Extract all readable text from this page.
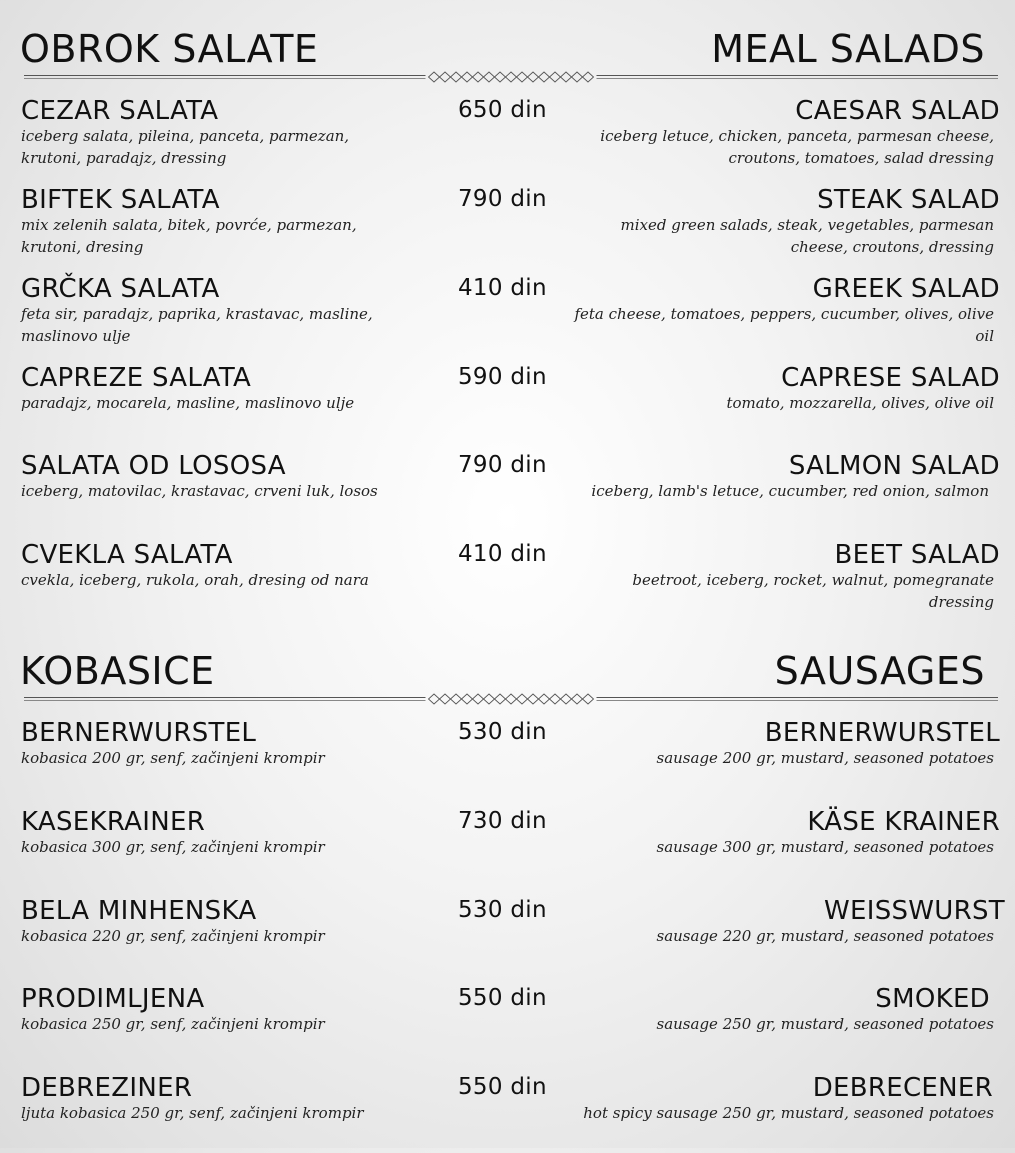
OBROK SALATE	MEAL SALADS
CEZAR SALATA	650 din	CAESAR SALAD
iceberg salata, pileina, panceta, parmezan, krutoni, paradajz, dressing
iceberg letuce, chicken, panceta, parmesan cheese, croutons, tomatoes, salad dressing
BIFTEK SALATA	790 din	STEAK SALAD
mix zelenih salata, bitek, povrće, parmezan, krutoni, dresing
mixed green salads, steak, vegetables, parmesan cheese, croutons, dressing
GRČKA SALATA	410 din	GREEK SALAD
feta sir, paradajz, paprika, krastavac, masline, maslinovo ulje
feta cheese, tomatoes, peppers, cucumber, olives, olive oil
CAPREZE SALATA	590 din	CAPRESE SALAD
paradajz, mocarela, masline, maslinovo ulje	tomato, mozzarella, olives, olive oil
SALATA OD LOSOSA	790 din	SALMON SALAD
iceberg, matovilac, krastavac, crveni luk, losos	iceberg, lamb's letuce, cucumber, red onion, salmon
CVEKLA SALATA	410 din	BEET SALAD
cvekla, iceberg, rukola, orah, dresing od nara	beetroot, iceberg, rocket, walnut, pomegranate dressing
KOBASICE	SAUSAGES
BERNERWURSTEL	530 din	BERNERWURSTEL
kobasica 200 gr, senf, začinjeni krompir	sausage 200 gr, mustard, seasoned potatoes
KASEKRAINER	730 din	KÄSE KRAINER
kobasica 300 gr, senf, začinjeni krompir	sausage 300 gr, mustard, seasoned potatoes
BELA MINHENSKA	530 din	WEISSWURST
kobasica 220 gr, senf, začinjeni krompir	sausage 220 gr, mustard, seasoned potatoes
PRODIMLJENA	550 din	SMOKED
kobasica 250 gr, senf, začinjeni krompir	sausage 250 gr, mustard, seasoned potatoes
DEBREZINER	550 din	DEBRECENER
ljuta kobasica 250 gr, senf, začinjeni krompir	hot spicy sausage 250 gr, mustard, seasoned potatoes
